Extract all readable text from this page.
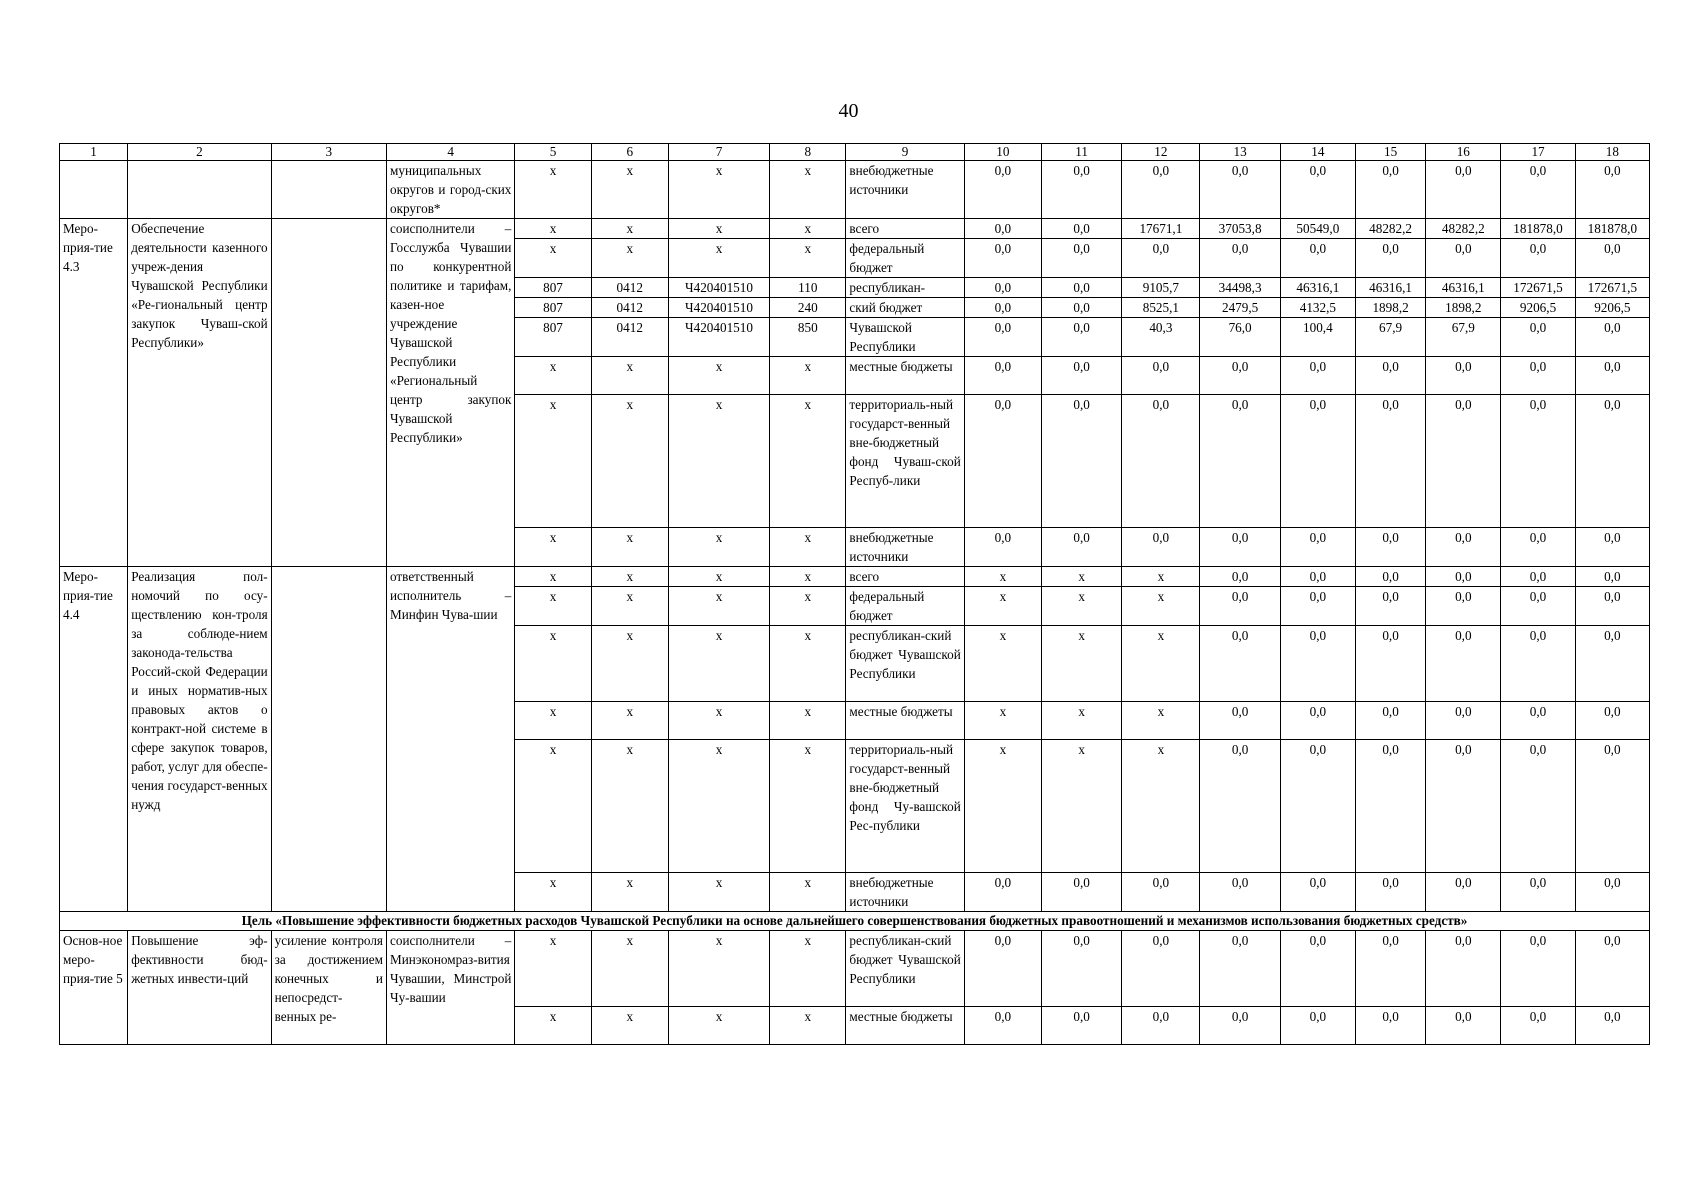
40
1	2	3	4	5	6	7	8	9	10	11	12	13	14	15	16	17	18
			муниципальных округов и город-ских округов*	x	x	x	x	внебюджетные источники	0,0	0,0	0,0	0,0	0,0	0,0	0,0	0,0	0,0
Меро-прия-тие 4.3	Обеспечение деятельности казенного учреж-дения Чувашской Республики «Ре-гиональный центр закупок Чуваш-ской Республики»		соисполнители – Госслужба Чувашии по конкурентной политике и тарифам, казен-ное учреждение Чувашской Республики «Региональный центр закупок Чувашской Республики»	x	x	x	x	всего	0,0	0,0	17671,1	37053,8	50549,0	48282,2	48282,2	181878,0	181878,0
				x	x	x	x	федеральный бюджет	0,0	0,0	0,0	0,0	0,0	0,0	0,0	0,0	0,0
				807	0412	Ч420401510	110	республикан-	0,0	0,0	9105,7	34498,3	46316,1	46316,1	46316,1	172671,5	172671,5
				807	0412	Ч420401510	240	ский бюджет	0,0	0,0	8525,1	2479,5	4132,5	1898,2	1898,2	9206,5	9206,5
				807	0412	Ч420401510	850	Чувашской Республики	0,0	0,0	40,3	76,0	100,4	67,9	67,9	0,0	0,0
				x	x	x	x	местные бюджеты	0,0	0,0	0,0	0,0	0,0	0,0	0,0	0,0	0,0
				x	x	x	x	территориаль-ный государст-венный вне-бюджетный фонд Чуваш-ской Респуб-лики	0,0	0,0	0,0	0,0	0,0	0,0	0,0	0,0	0,0
				x	x	x	x	внебюджетные источники	0,0	0,0	0,0	0,0	0,0	0,0	0,0	0,0	0,0
Меро-прия-тие 4.4	Реализация пол-номочий по осу-ществлению кон-троля за соблюде-нием законода-тельства Россий-ской Федерации и иных норматив-ных правовых актов о контракт-ной системе в сфере закупок товаров, работ, услуг для обеспе-чения государст-венных нужд		ответственный исполнитель – Минфин Чува-шии	x	x	x	x	всего	x	x	x	0,0	0,0	0,0	0,0	0,0	0,0
				x	x	x	x	федеральный бюджет	x	x	x	0,0	0,0	0,0	0,0	0,0	0,0
				x	x	x	x	республикан-ский бюджет Чувашской Республики	x	x	x	0,0	0,0	0,0	0,0	0,0	0,0
				x	x	x	x	местные бюджеты	x	x	x	0,0	0,0	0,0	0,0	0,0	0,0
				x	x	x	x	территориаль-ный государст-венный вне-бюджетный фонд Чу-вашской Рес-публики	x	x	x	0,0	0,0	0,0	0,0	0,0	0,0
				x	x	x	x	внебюджетные источники	0,0	0,0	0,0	0,0	0,0	0,0	0,0	0,0	0,0
Цель «Повышение эффективности бюджетных расходов Чувашской Республики на основе дальнейшего совершенствования бюджетных правоотношений и механизмов использования бюджетных средств»																	
Основ-ное меро-прия-тие 5	Повышение эф-фективности бюд-жетных инвести-ций	усиление контроля за достижением конечных и непосредст-венных ре-	соисполнители – Минэкономраз-вития Чувашии, Минстрой Чу-вашии	x	x	x	x	республикан-ский бюджет Чувашской Республики	0,0	0,0	0,0	0,0	0,0	0,0	0,0	0,0	0,0
				x	x	x	x	местные бюджеты	0,0	0,0	0,0	0,0	0,0	0,0	0,0	0,0	0,0
